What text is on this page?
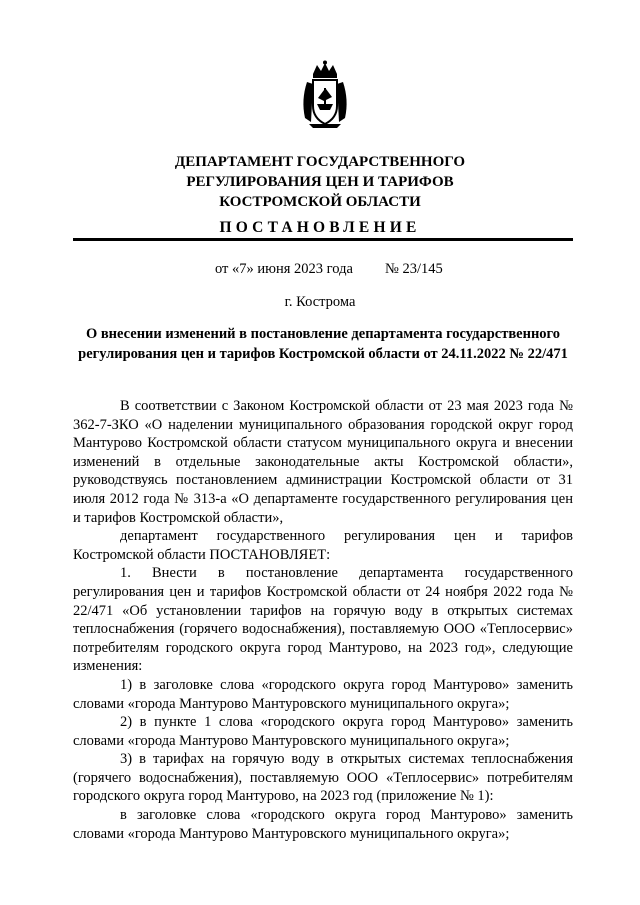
ДЕПАРТАМЕНТ ГОСУДАРСТВЕННОГО
РЕГУЛИРОВАНИЯ ЦЕН И ТАРИФОВ
КОСТРОМСКОЙ ОБЛАСТИ
ПОСТАНОВЛЕНИЕ
от «7» июня 2023 года № 23/145
г. Кострома
О внесении изменений в постановление департамента государственного регулирования цен и тарифов Костромской области от 24.11.2022 № 22/471

В соответствии с Законом Костромской области от 23 мая 2023 года № 362-7-ЗКО «О наделении муниципального образования городской округ город Мантурово Костромской области статусом муниципального округа и внесении изменений в отдельные законодательные акты Костромской области», руководствуясь постановлением администрации Костромской области от 31 июля 2012 года № 313-а «О департаменте государственного регулирования цен и тарифов Костромской области»,

департамент государственного регулирования цен и тарифов Костромской области ПОСТАНОВЛЯЕТ:

1. Внести в постановление департамента государственного регулирования цен и тарифов Костромской области от 24 ноября 2022 года № 22/471 «Об установлении тарифов на горячую воду в открытых системах теплоснабжения (горячего водоснабжения), поставляемую ООО «Теплосервис» потребителям городского округа город Мантурово, на 2023 год», следующие изменения:

1) в заголовке слова «городского округа город Мантурово» заменить словами «города Мантурово Мантуровского муниципального округа»;

2) в пункте 1 слова «городского округа город Мантурово» заменить словами «города Мантурово Мантуровского муниципального округа»;

3) в тарифах на горячую воду в открытых системах теплоснабжения (горячего водоснабжения), поставляемую ООО «Теплосервис» потребителям городского округа город Мантурово, на 2023 год (приложение № 1):

в заголовке слова «городского округа город Мантурово» заменить словами «города Мантурово Мантуровского муниципального округа»;
